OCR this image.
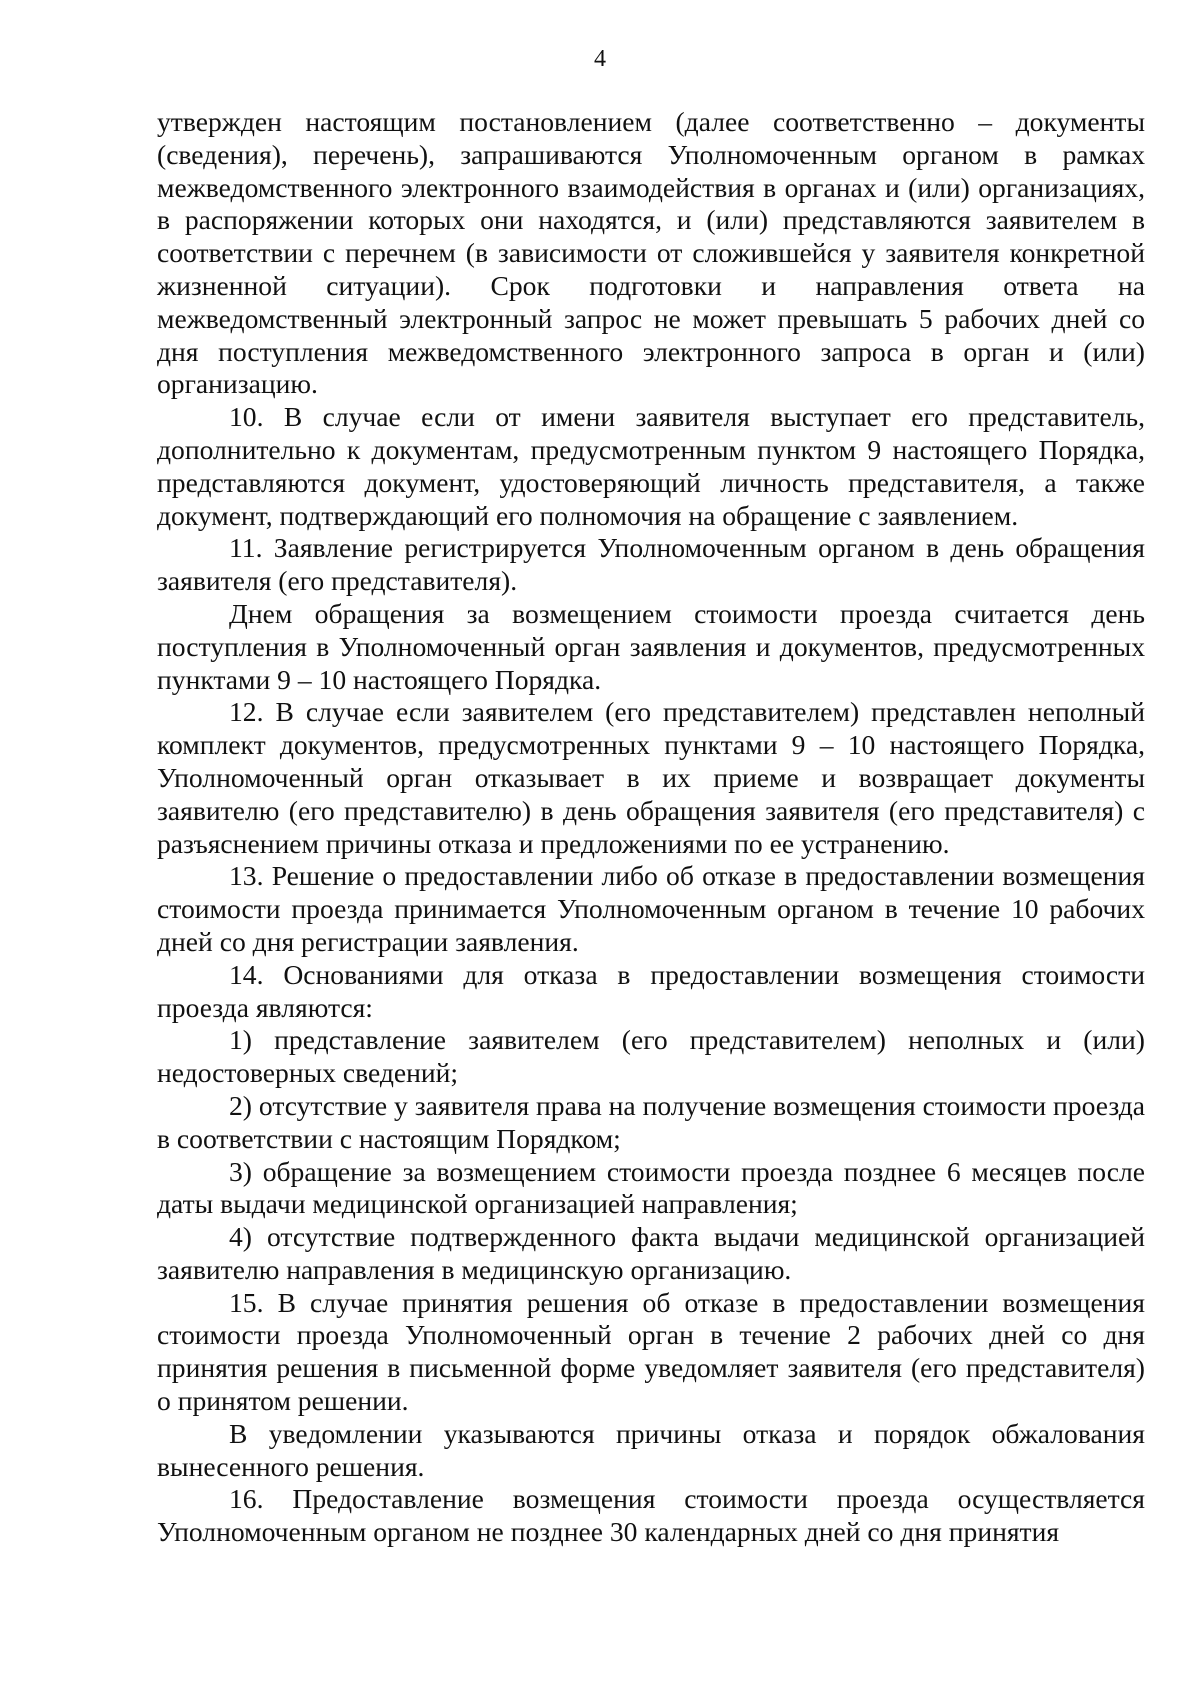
4

утвержден настоящим постановлением (далее соответственно – документы (сведения), перечень), запрашиваются Уполномоченным органом в рамках межведомственного электронного взаимодействия в органах и (или) организациях, в распоряжении которых они находятся, и (или) представляются заявителем в соответствии с перечнем (в зависимости от сложившейся у заявителя конкретной жизненной ситуации). Срок подготовки и направления ответа на межведомственный электронный запрос не может превышать 5 рабочих дней со дня поступления межведомственного электронного запроса в орган и (или) организацию.

10. В случае если от имени заявителя выступает его представитель, дополнительно к документам, предусмотренным пунктом 9 настоящего Порядка, представляются документ, удостоверяющий личность представителя, а также документ, подтверждающий его полномочия на обращение с заявлением.

11. Заявление регистрируется Уполномоченным органом в день обращения заявителя (его представителя).

Днем обращения за возмещением стоимости проезда считается день поступления в Уполномоченный орган заявления и документов, предусмотренных пунктами 9 – 10 настоящего Порядка.

12. В случае если заявителем (его представителем) представлен неполный комплект документов, предусмотренных пунктами 9 – 10 настоящего Порядка, Уполномоченный орган отказывает в их приеме и возвращает документы заявителю (его представителю) в день обращения заявителя (его представителя) с разъяснением причины отказа и предложениями по ее устранению.

13. Решение о предоставлении либо об отказе в предоставлении возмещения стоимости проезда принимается Уполномоченным органом в течение 10 рабочих дней со дня регистрации заявления.

14. Основаниями для отказа в предоставлении возмещения стоимости проезда являются:

1) представление заявителем (его представителем) неполных и (или) недостоверных сведений;

2) отсутствие у заявителя права на получение возмещения стоимости проезда в соответствии с настоящим Порядком;

3) обращение за возмещением стоимости проезда позднее 6 месяцев после даты выдачи медицинской организацией направления;

4) отсутствие подтвержденного факта выдачи медицинской организацией заявителю направления в медицинскую организацию.

15. В случае принятия решения об отказе в предоставлении возмещения стоимости проезда Уполномоченный орган в течение 2 рабочих дней со дня принятия решения в письменной форме уведомляет заявителя (его представителя) о принятом решении.

В уведомлении указываются причины отказа и порядок обжалования вынесенного решения.

16. Предоставление возмещения стоимости проезда осуществляется Уполномоченным органом не позднее 30 календарных дней со дня принятия
